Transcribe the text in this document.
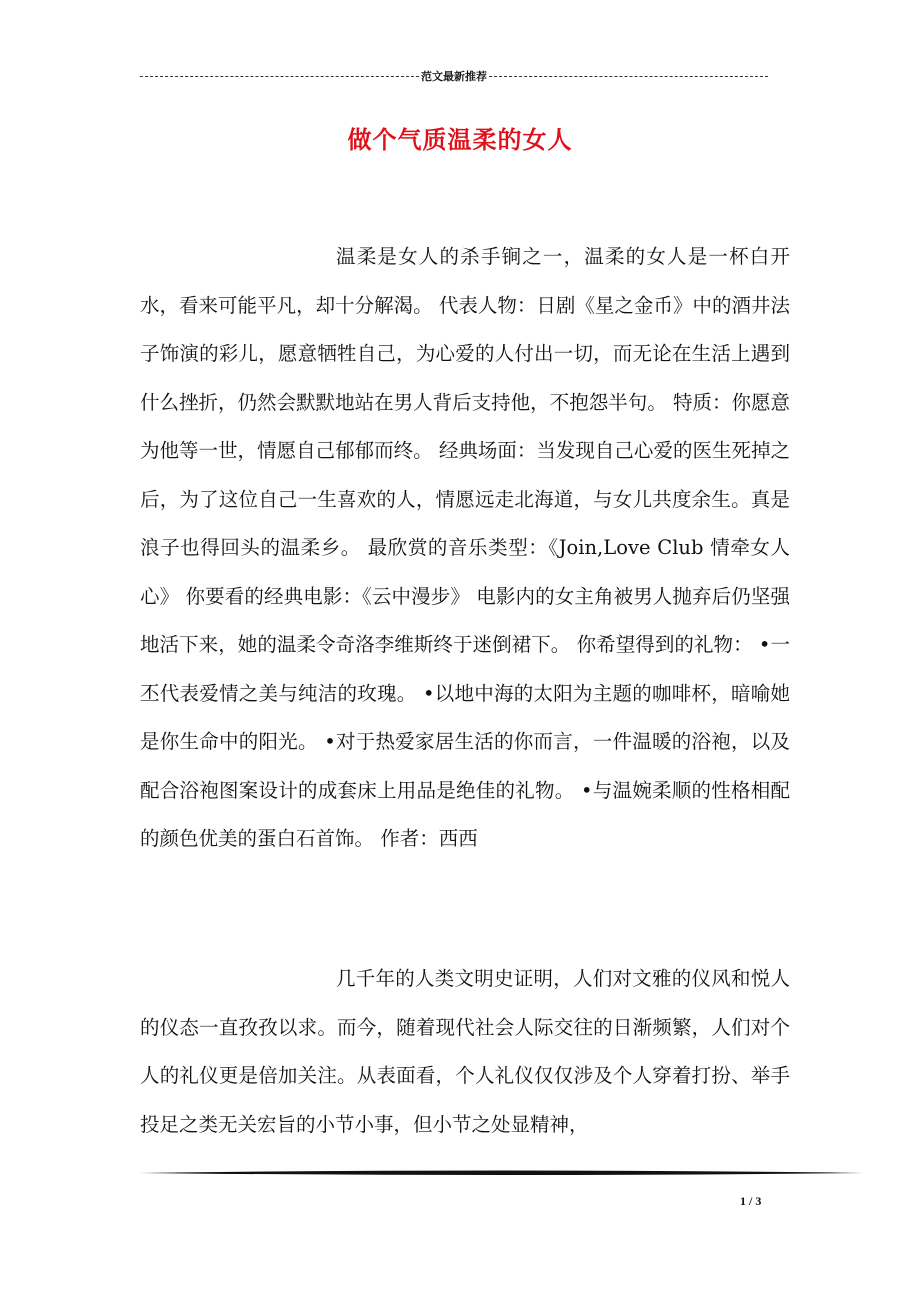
范文最新推荐
做个气质温柔的女人

温柔是女人的杀手锏之一，温柔的女人是一杯白开水，看来可能平凡，却十分解渴。 代表人物：日剧《星之金币》中的酒井法子饰演的彩儿，愿意牺牲自己，为心爱的人付出一切，而无论在生活上遇到什么挫折，仍然会默默地站在男人背后支持他，不抱怨半句。 特质：你愿意为他等一世，情愿自己郁郁而终。 经典场面：当发现自己心爱的医生死掉之后，为了这位自己一生喜欢的人，情愿远走北海道，与女儿共度余生。真是浪子也得回头的温柔乡。 最欣赏的音乐类型：《Join,Love Club 情牵女人心》 你要看的经典电影：《云中漫步》 电影内的女主角被男人抛弃后仍坚强地活下来，她的温柔令奇洛李维斯终于迷倒裙下。 你希望得到的礼物： •一丕代表爱情之美与纯洁的玫瑰。 •以地中海的太阳为主题的咖啡杯，暗喻她是你生命中的阳光。 •对于热爱家居生活的你而言，一件温暖的浴袍，以及配合浴袍图案设计的成套床上用品是绝佳的礼物。 •与温婉柔顺的性格相配的颜色优美的蛋白石首饰。 作者：西西

几千年的人类文明史证明，人们对文雅的仪风和悦人的仪态一直孜孜以求。而今，随着现代社会人际交往的日渐频繁，人们对个人的礼仪更是倍加关注。从表面看，个人礼仪仅仅涉及个人穿着打扮、举手投足之类无关宏旨的小节小事，但小节之处显精神，

1 / 3
